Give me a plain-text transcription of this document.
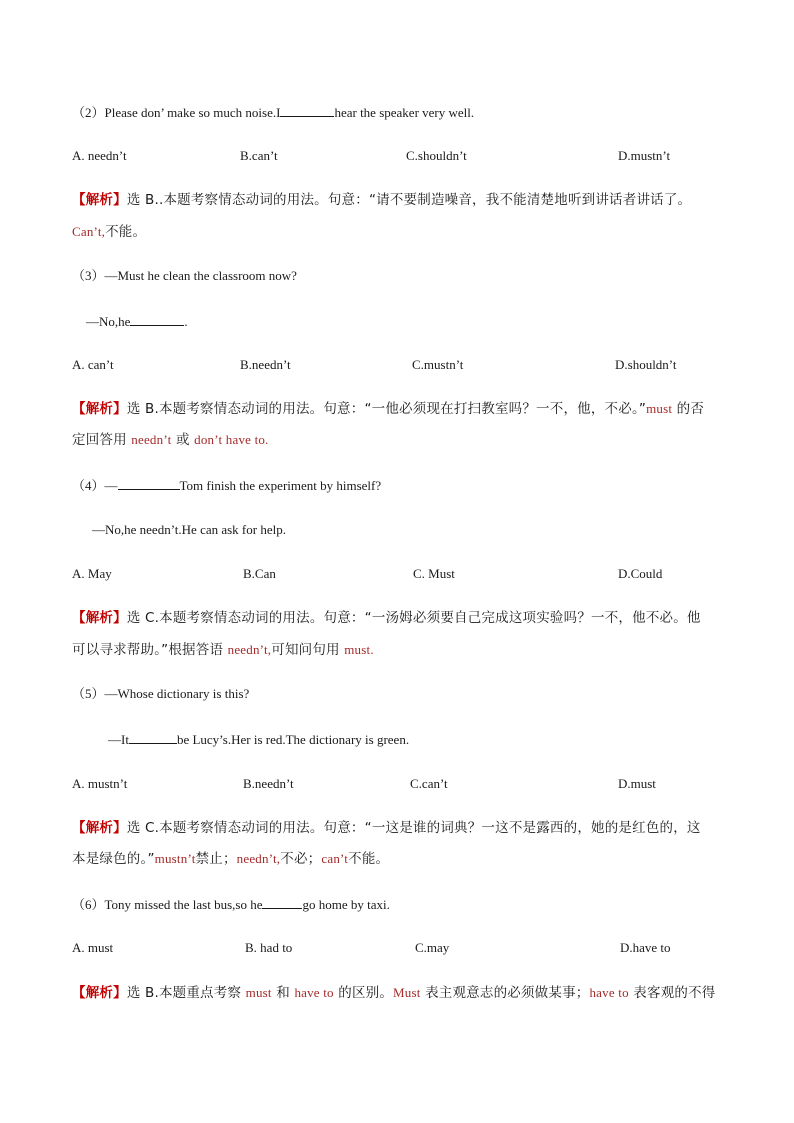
（2）Please don’ make so much noise.I	hear the speaker very well.
A. needn’t	B.can’t	C.shouldn’t	D.mustn’t
【解析】选 B..本题考察情态动词的用法。句意：“请不要制造噪音，我不能清楚地听到讲话者讲话了。
Can’t,不能。
（3）—Must he clean the classroom now?
—No,he	.
A. can’t	B.needn’t	C.mustn’t	D.shouldn’t
【解析】选 B.本题考察情态动词的用法。句意：“一他必须现在打扫教室吗？一不，他，不必。”must 的否
定回答用 needn’t 或 don’t have to.
（4）—	Tom finish the experiment by himself?
—No,he needn’t.He can ask for help.
A. May	B.Can	C. Must	D.Could
【解析】选 C.本题考察情态动词的用法。句意：“一汤姆必须要自己完成这项实验吗？一不，他不必。他
可以寻求帮助。”根据答语 needn’t,可知问句用 must.
（5）—Whose dictionary is this?
—It	be Lucy’s.Her is red.The dictionary is green.
A. mustn’t	B.needn’t	C.can’t	D.must
【解析】选 C.本题考察情态动词的用法。句意：“一这是谁的词典？一这不是露西的，她的是红色的，这
本是绿色的。”mustn’t禁止；needn’t,不必；can’t不能。
（6）Tony missed the last bus,so he	go home by taxi.
A. must	B. had to	C.may	D.have to
【解析】选 B.本题重点考察 must 和 have to 的区别。Must 表主观意志的必须做某事；have to 表客观的不得
